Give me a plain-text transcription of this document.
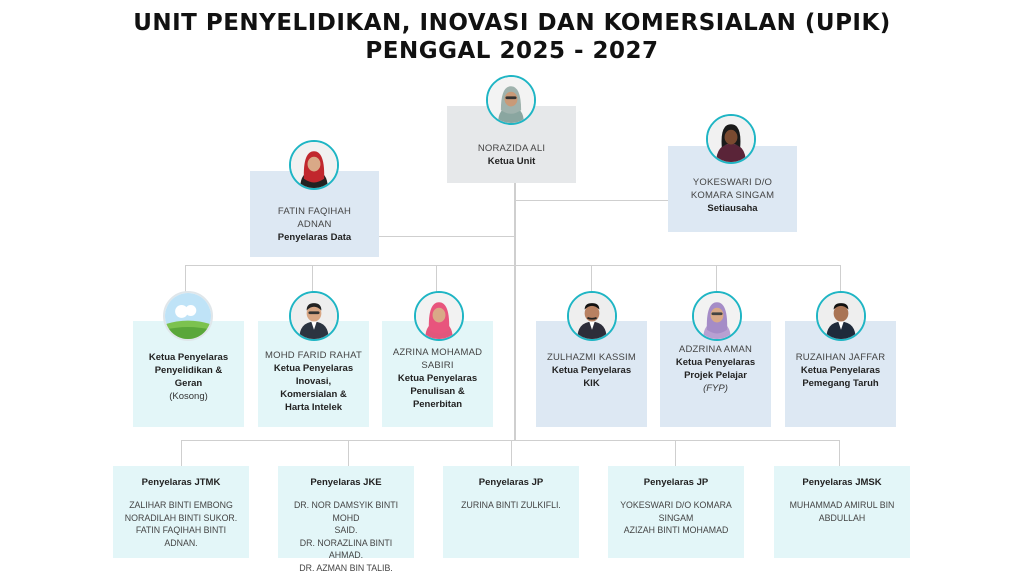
UNIT PENYELIDIKAN, INOVASI DAN KOMERSIALAN (UPIK)
PENGGAL 2025 - 2027
NORAZIDA ALI
Ketua Unit
FATIN FAQIHAH
ADNAN
Penyelaras Data
YOKESWARI D/O
KOMARA SINGAM
Setiausaha
Ketua Penyelaras
Penyelidikan &
Geran
(Kosong)
MOHD FARID RAHAT
Ketua Penyelaras
Inovasi,
Komersialan &
Harta Intelek
AZRINA MOHAMAD
SABIRI
Ketua Penyelaras
Penulisan &
Penerbitan
ZULHAZMI KASSIM
Ketua Penyelaras
KIK
ADZRINA AMAN
Ketua Penyelaras
Projek Pelajar
(FYP)
RUZAIHAN JAFFAR
Ketua Penyelaras
Pemegang Taruh
Penyelaras JTMK
ZALIHAR BINTI EMBONG
NORADILAH BINTI SUKOR.
FATIN FAQIHAH BINTI
ADNAN.
Penyelaras JKE
DR. NOR DAMSYIK BINTI MOHD
SAID.
DR. NORAZLINA BINTI AHMAD.
DR. AZMAN BIN TALIB.
Penyelaras JP
ZURINA BINTI ZULKIFLI.
Penyelaras JP
YOKESWARI D/O KOMARA
SINGAM
AZIZAH BINTI MOHAMAD
Penyelaras JMSK
MUHAMMAD AMIRUL BIN
ABDULLAH
